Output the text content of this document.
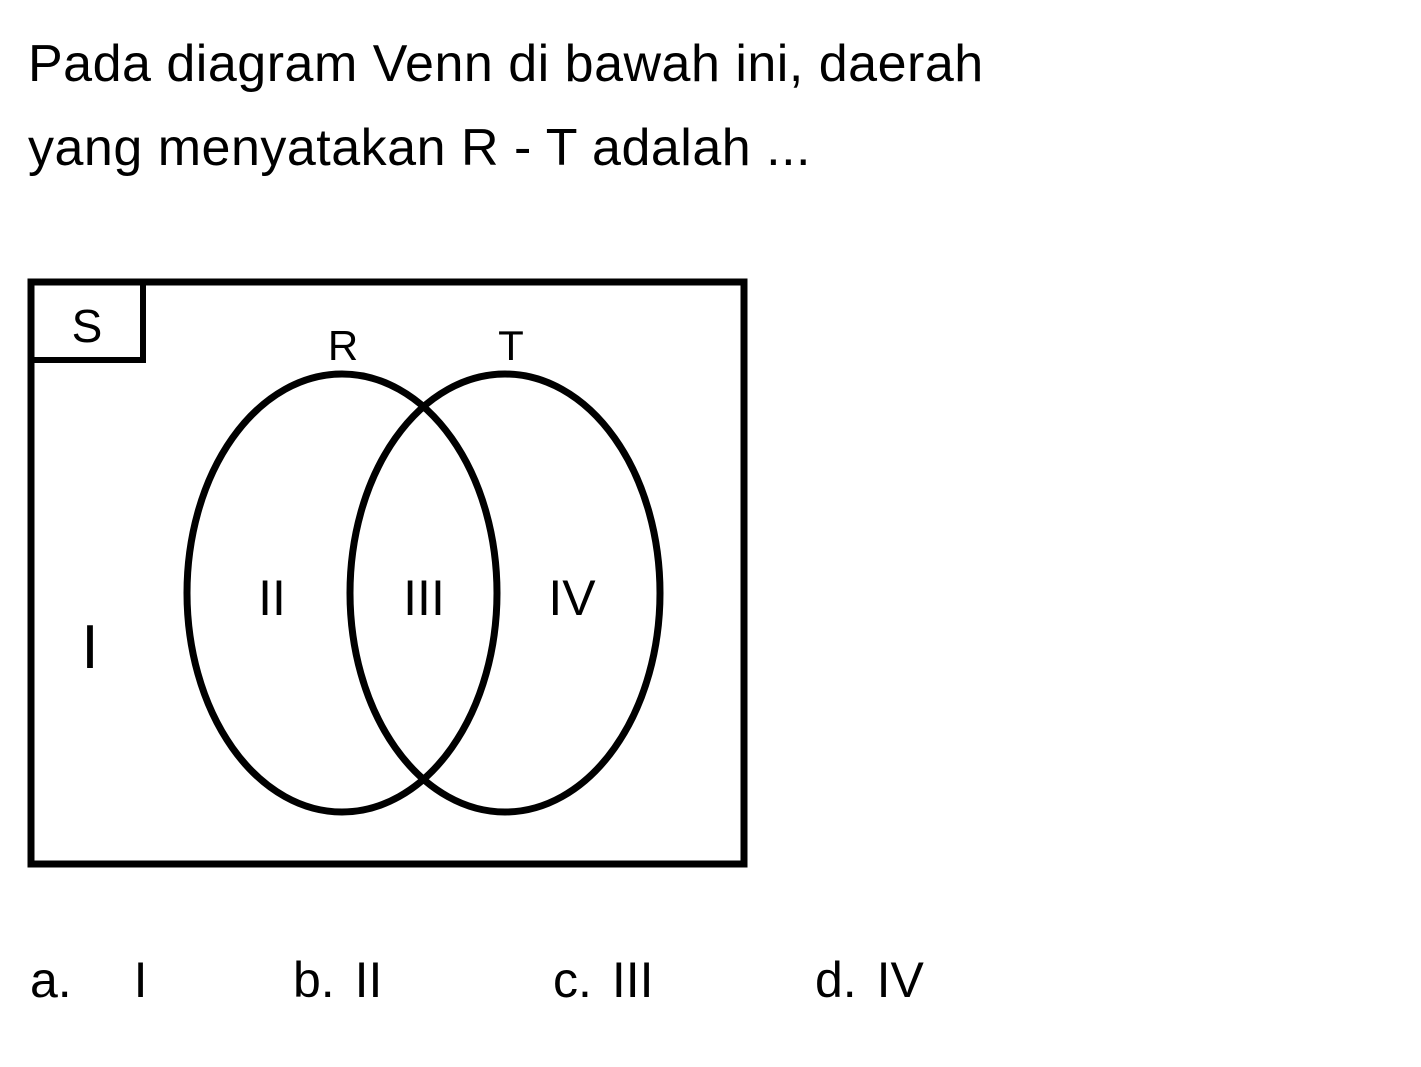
Pada diagram Venn di bawah ini, daerah
yang menyatakan R - T adalah ...
S	R	T
I
II III IV
a. I	b. II	c. III	d. IV
